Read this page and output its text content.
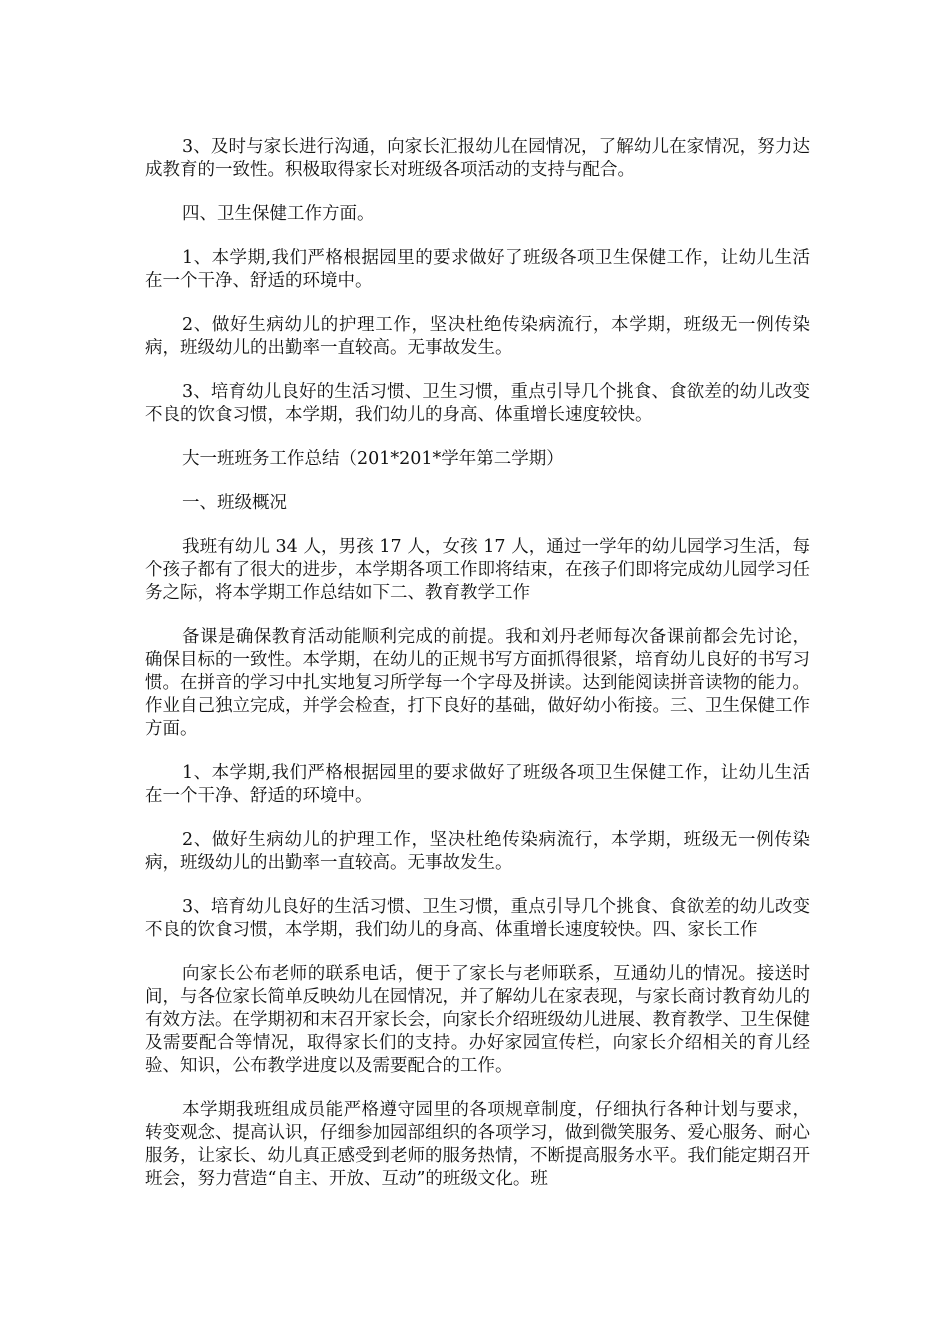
3、及时与家长进行沟通，向家长汇报幼儿在园情况，了解幼儿在家情况，努力达成教育的一致性。积极取得家长对班级各项活动的支持与配合。

四、卫生保健工作方面。

1、本学期,我们严格根据园里的要求做好了班级各项卫生保健工作，让幼儿生活在一个干净、舒适的环境中。

2、做好生病幼儿的护理工作，坚决杜绝传染病流行，本学期，班级无一例传染病，班级幼儿的出勤率一直较高。无事故发生。

3、培育幼儿良好的生活习惯、卫生习惯，重点引导几个挑食、食欲差的幼儿改变不良的饮食习惯，本学期，我们幼儿的身高、体重增长速度较快。

大一班班务工作总结（201*201*学年第二学期）

一、班级概况

我班有幼儿 34 人，男孩 17 人，女孩 17 人，通过一学年的幼儿园学习生活，每个孩子都有了很大的进步，本学期各项工作即将结束，在孩子们即将完成幼儿园学习任务之际，将本学期工作总结如下二、教育教学工作

备课是确保教育活动能顺利完成的前提。我和刘丹老师每次备课前都会先讨论，确保目标的一致性。本学期，在幼儿的正规书写方面抓得很紧，培育幼儿良好的书写习惯。在拼音的学习中扎实地复习所学每一个字母及拼读。达到能阅读拼音读物的能力。作业自己独立完成，并学会检查，打下良好的基础，做好幼小衔接。三、卫生保健工作方面。

1、本学期,我们严格根据园里的要求做好了班级各项卫生保健工作，让幼儿生活在一个干净、舒适的环境中。

2、做好生病幼儿的护理工作，坚决杜绝传染病流行，本学期，班级无一例传染病，班级幼儿的出勤率一直较高。无事故发生。

3、培育幼儿良好的生活习惯、卫生习惯，重点引导几个挑食、食欲差的幼儿改变不良的饮食习惯，本学期，我们幼儿的身高、体重增长速度较快。四、家长工作

向家长公布老师的联系电话，便于了家长与老师联系，互通幼儿的情况。接送时间，与各位家长简单反映幼儿在园情况，并了解幼儿在家表现，与家长商讨教育幼儿的有效方法。在学期初和末召开家长会，向家长介绍班级幼儿进展、教育教学、卫生保健及需要配合等情况，取得家长们的支持。办好家园宣传栏，向家长介绍相关的育儿经验、知识，公布教学进度以及需要配合的工作。

本学期我班组成员能严格遵守园里的各项规章制度，仔细执行各种计划与要求，转变观念、提高认识，仔细参加园部组织的各项学习，做到微笑服务、爱心服务、耐心服务，让家长、幼儿真正感受到老师的服务热情，不断提高服务水平。我们能定期召开班会，努力营造“自主、开放、互动”的班级文化。班
